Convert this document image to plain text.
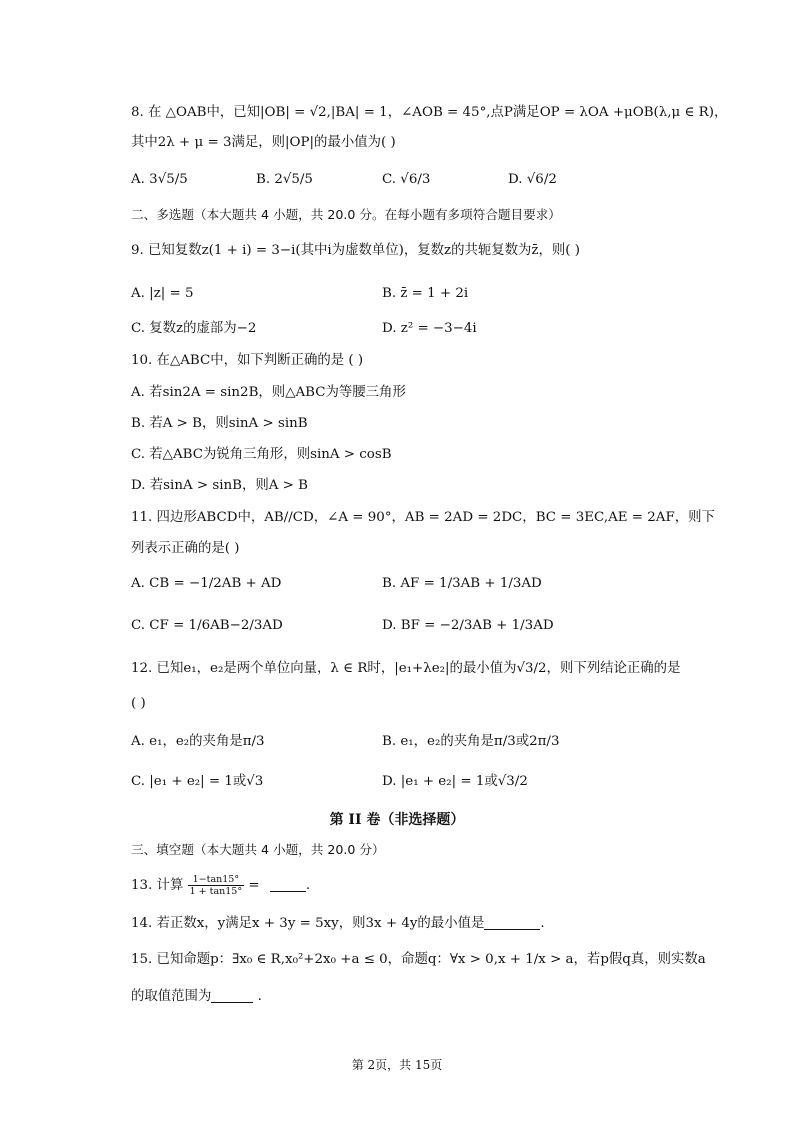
8. 在 △OAB中，已知|OB| = √2,|BA| = 1，∠AOB = 45°,点P满足OP = λOA +μOB(λ,μ ∈ R)，
其中2λ + μ = 3满足，则|OP|的最小值为( )
A. 3√5/5	B. 2√5/5	C. √6/3	D. √6/2
二、多选题（本大题共 4 小题，共 20.0 分。在每小题有多项符合题目要求）
9. 已知复数z(1 + i) = 3−i(其中i为虚数单位)，复数z的共轭复数为z̄，则( )
A. |z| = 5	B. z̄ = 1 + 2i
C. 复数z的虚部为−2	D. z² = −3−4i
10. 在△ABC中，如下判断正确的是 ( )
A. 若sin2A = sin2B，则△ABC为等腰三角形
B. 若A > B，则sinA > sinB
C. 若△ABC为锐角三角形，则sinA > cosB
D. 若sinA > sinB，则A > B
11. 四边形ABCD中，AB//CD，∠A = 90°，AB = 2AD = 2DC，BC = 3EC,AE = 2AF，则下
列表示正确的是( )
A. CB = −1/2AB + AD	B. AF = 1/3AB + 1/3AD
C. CF = 1/6AB−2/3AD	D. BF = −2/3AB + 1/3AD
12. 已知e₁，e₂是两个单位向量，λ ∈ R时，|e₁+λe₂|的最小值为√3/2，则下列结论正确的是
( )
A. e₁，e₂的夹角是π/3	B. e₁，e₂的夹角是π/3或2π/3
C. |e₁ + e₂| = 1或√3	D. |e₁ + e₂| = 1或√3/2
第 II 卷（非选择题）
三、填空题（本大题共 4 小题，共 20.0 分）
13. 计算 $\frac{1-\tan 15^\circ}{1 + \tan 15^\circ}$ =	.
14. 若正数x，y满足x + 3y = 5xy，则3x + 4y的最小值是	.
15. 已知命题p：∃x₀ ∈ R,x₀²+2x₀ +a ≤ 0，命题q：∀x > 0,x + 1/x > a，若p假q真，则实数a
的取值范围为	.
第 2页，共 15页
